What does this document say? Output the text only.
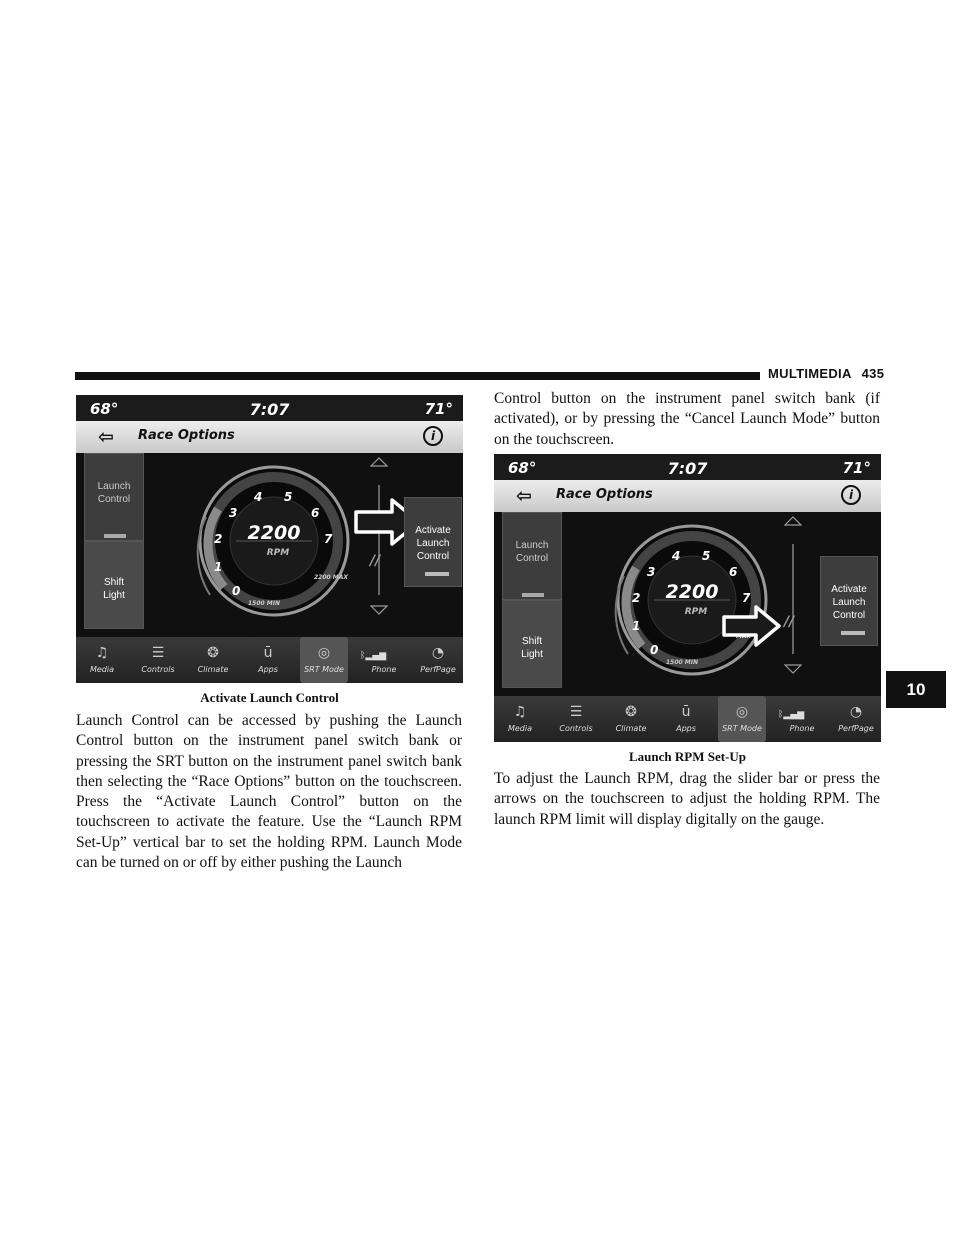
MULTIMEDIA 435
10
68°	7:07	71°
⇦ Race Options	i
Launch Control
Shift Light	0
1
2
3
4 5
6
7
2200
RPM
1500 MIN
2200 MAX
//
Activate Launch Control
♫
Media
☰
Controls
❂
Climate
ū
Apps
◎
SRT Mode
ᛒ▂▄▆
Phone
◔
PerfPage
Activate Launch Control
Launch Control can be accessed by pushing the Launch Control button on the instrument panel switch bank or pressing the SRT button on the instrument panel switch bank then selecting the “Race Options” button on the touchscreen. Press the “Activate Launch Control” button on the touchscreen to activate the feature. Use the “Launch RPM Set-Up” vertical bar to set the holding RPM. Launch Mode can be turned on or off by either pushing the Launch
Control button on the instrument panel switch bank (if activated), or by pressing the “Cancel Launch Mode” button on the touchscreen.
68°	7:07	71°
⇦ Race Options	i
Launch Control
Shift Light	0
1
2
3
4 5
6
7
2200
RPM
1500 MIN
//
Activate Launch Control
♫
Media
☰
Controls
❂
Climate
ū
Apps
◎
SRT Mode
ᛒ▂▄▆
Phone
◔
PerfPage
Launch RPM Set-Up
To adjust the Launch RPM, drag the slider bar or press the arrows on the touchscreen to adjust the holding RPM. The launch RPM limit will display digitally on the gauge.
